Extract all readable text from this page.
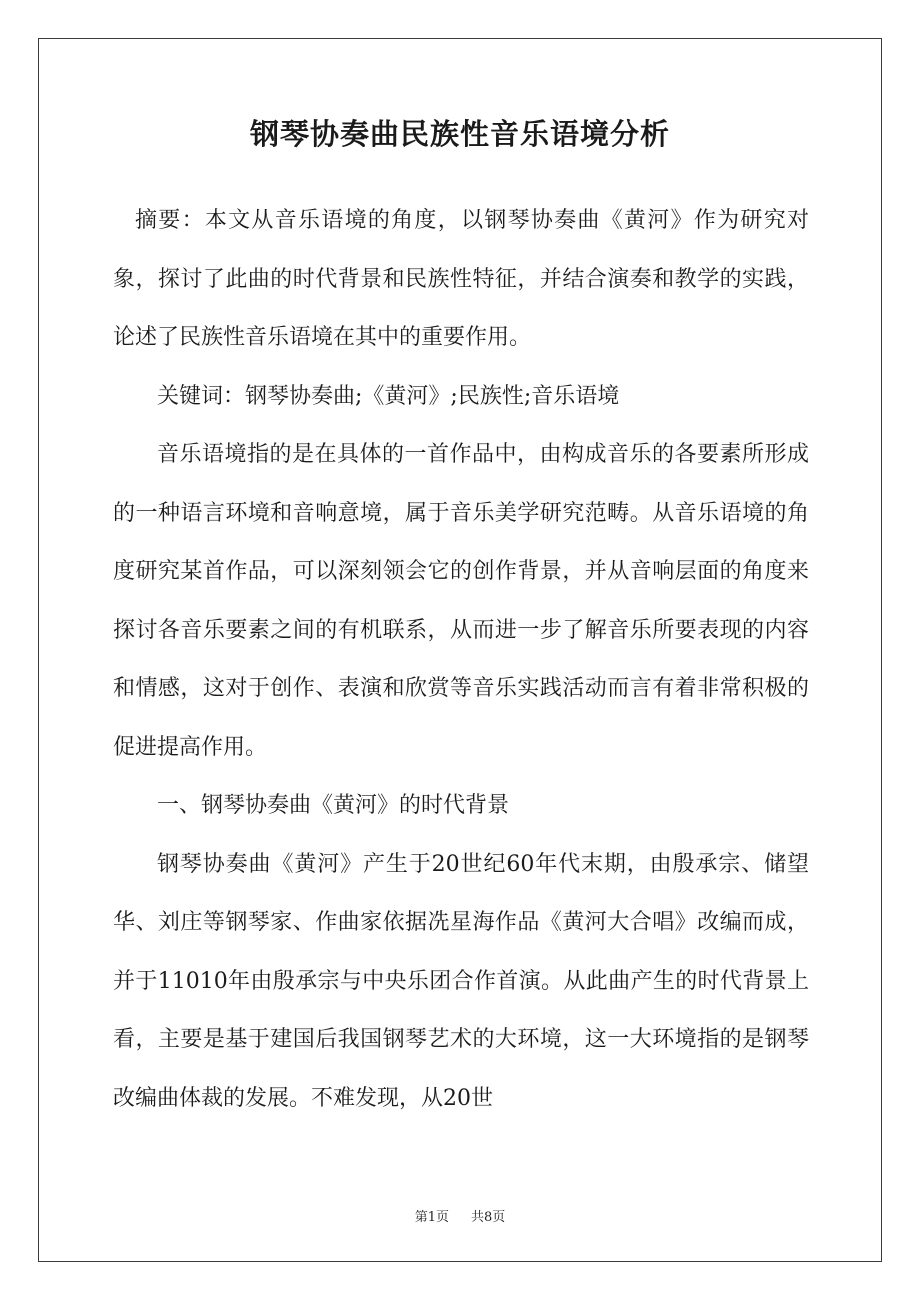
钢琴协奏曲民族性音乐语境分析

摘要：本文从音乐语境的角度，以钢琴协奏曲《黄河》作为研究对象，探讨了此曲的时代背景和民族性特征，并结合演奏和教学的实践，论述了民族性音乐语境在其中的重要作用。

关键词：钢琴协奏曲;《黄河》;民族性;音乐语境

音乐语境指的是在具体的一首作品中，由构成音乐的各要素所形成的一种语言环境和音响意境，属于音乐美学研究范畴。从音乐语境的角度研究某首作品，可以深刻领会它的创作背景，并从音响层面的角度来探讨各音乐要素之间的有机联系，从而进一步了解音乐所要表现的内容和情感，这对于创作、表演和欣赏等音乐实践活动而言有着非常积极的促进提高作用。

一、钢琴协奏曲《黄河》的时代背景

钢琴协奏曲《黄河》产生于20世纪60年代末期，由殷承宗、储望华、刘庄等钢琴家、作曲家依据冼星海作品《黄河大合唱》改编而成，并于11010年由殷承宗与中央乐团合作首演。从此曲产生的时代背景上看，主要是基于建国后我国钢琴艺术的大环境，这一大环境指的是钢琴改编曲体裁的发展。不难发现，从20世

第1页 共8页
